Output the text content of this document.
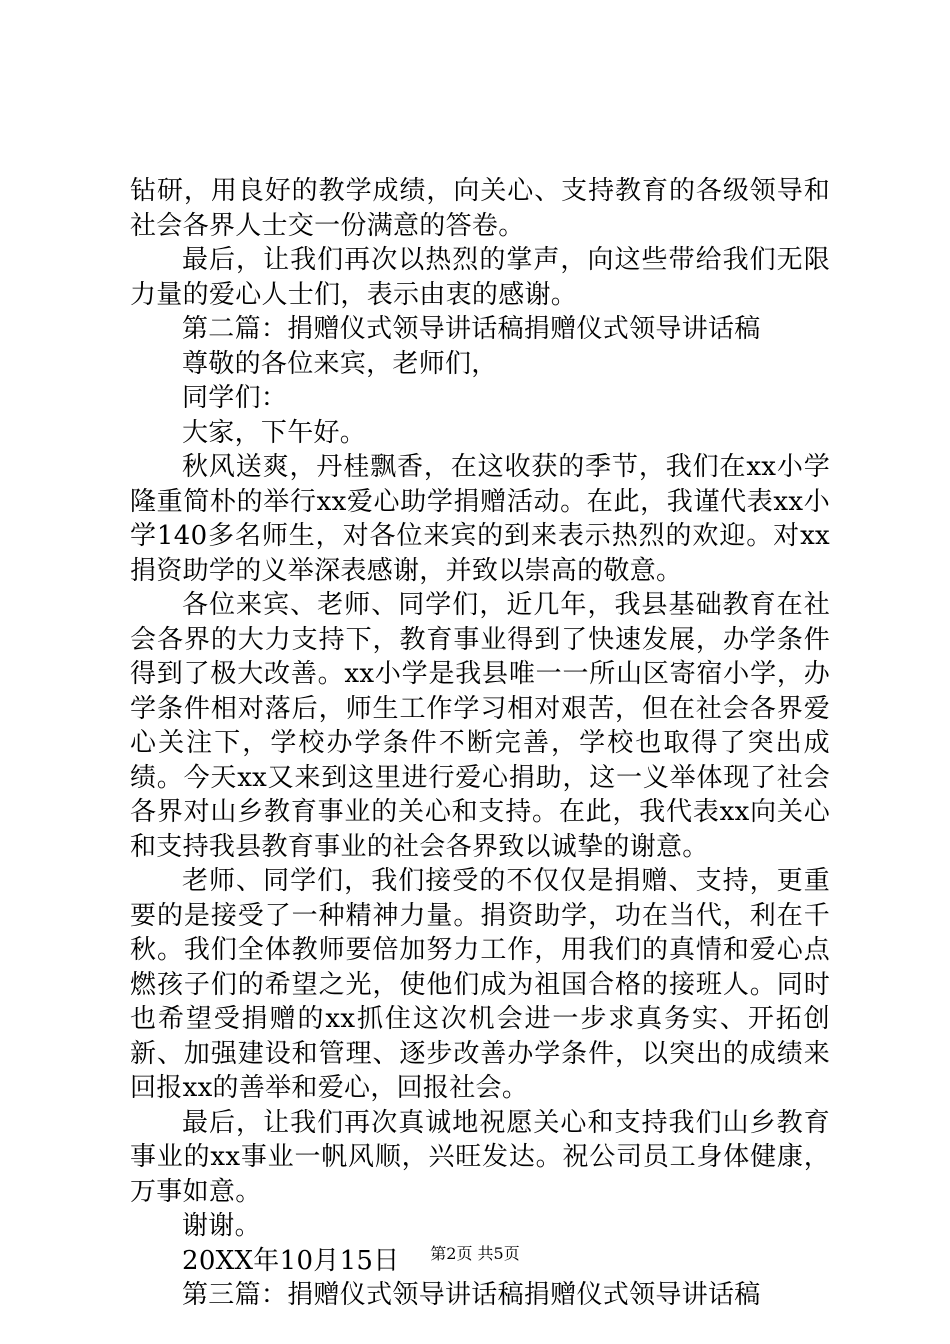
钻研，用良好的教学成绩，向关心、支持教育的各级领导和社会各界人士交一份满意的答卷。

最后，让我们再次以热烈的掌声，向这些带给我们无限力量的爱心人士们，表示由衷的感谢。

第二篇：捐赠仪式领导讲话稿捐赠仪式领导讲话稿

尊敬的各位来宾，老师们，

同学们：

大家，下午好。

秋风送爽，丹桂飘香，在这收获的季节，我们在xx小学隆重简朴的举行xx爱心助学捐赠活动。在此，我谨代表xx小学140多名师生，对各位来宾的到来表示热烈的欢迎。对xx捐资助学的义举深表感谢，并致以崇高的敬意。

各位来宾、老师、同学们，近几年，我县基础教育在社会各界的大力支持下，教育事业得到了快速发展，办学条件得到了极大改善。xx小学是我县唯一一所山区寄宿小学，办学条件相对落后，师生工作学习相对艰苦，但在社会各界爱心关注下，学校办学条件不断完善，学校也取得了突出成绩。今天xx又来到这里进行爱心捐助，这一义举体现了社会各界对山乡教育事业的关心和支持。在此，我代表xx向关心和支持我县教育事业的社会各界致以诚挚的谢意。

老师、同学们，我们接受的不仅仅是捐赠、支持，更重要的是接受了一种精神力量。捐资助学，功在当代，利在千秋。我们全体教师要倍加努力工作，用我们的真情和爱心点燃孩子们的希望之光，使他们成为祖国合格的接班人。同时也希望受捐赠的xx抓住这次机会进一步求真务实、开拓创新、加强建设和管理、逐步改善办学条件，以突出的成绩来回报xx的善举和爱心，回报社会。

最后，让我们再次真诚地祝愿关心和支持我们山乡教育事业的xx事业一帆风顺，兴旺发达。祝公司员工身体健康，万事如意。

谢谢。

20XX年10月15日

第三篇：捐赠仪式领导讲话稿捐赠仪式领导讲话稿

第2页 共5页
